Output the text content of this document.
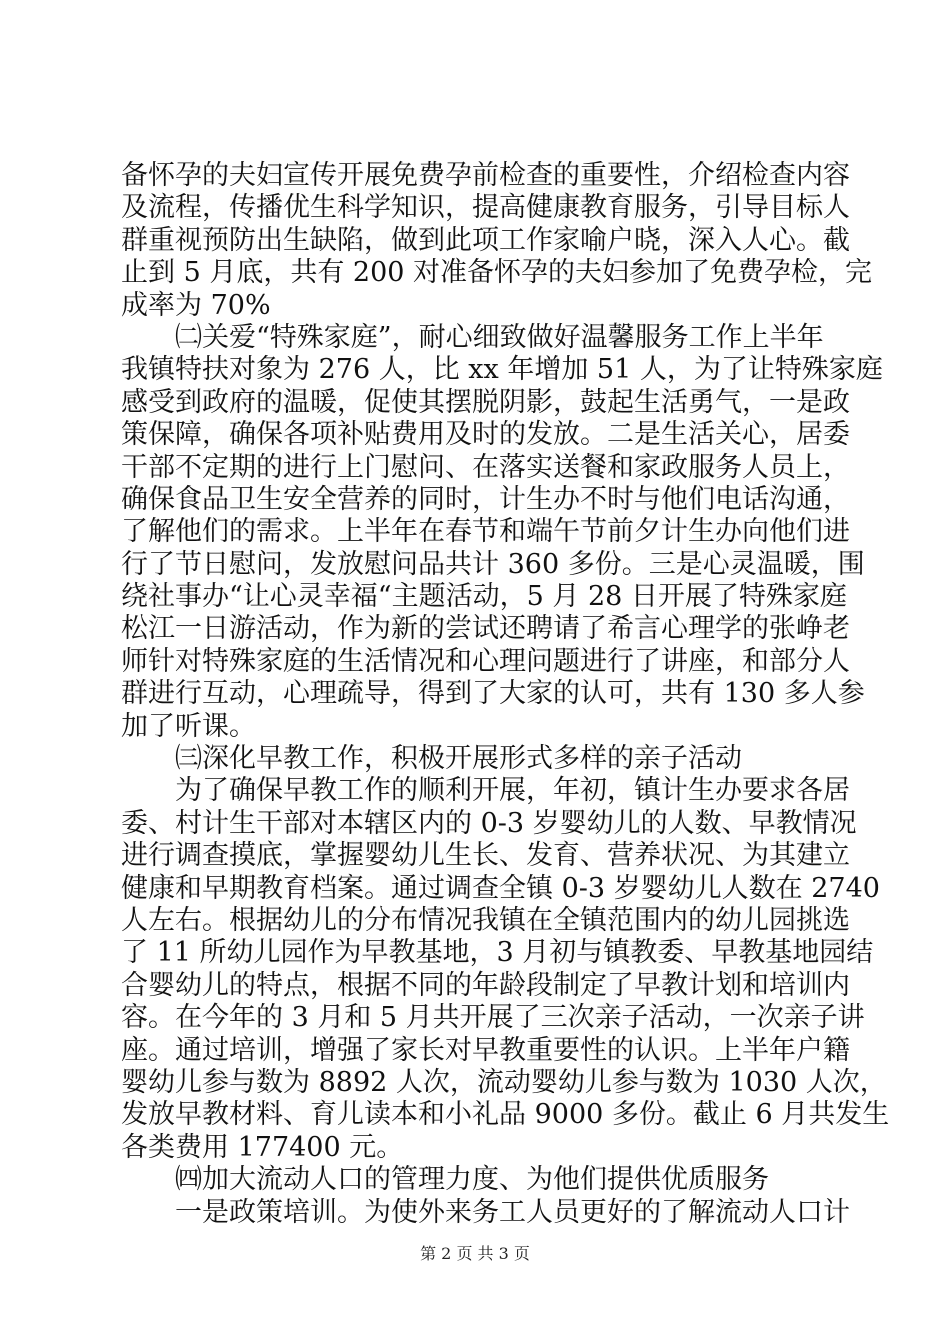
备怀孕的夫妇宣传开展免费孕前检查的重要性，介绍检查内容
及流程，传播优生科学知识，提高健康教育服务，引导目标人
群重视预防出生缺陷，做到此项工作家喻户晓，深入人心。截
止到 5 月底，共有 200 对准备怀孕的夫妇参加了免费孕检，完
成率为 70%
　　㈡关爱“特殊家庭”，耐心细致做好温馨服务工作上半年
我镇特扶对象为 276 人，比 xx 年增加 51 人，为了让特殊家庭
感受到政府的温暖，促使其摆脱阴影，鼓起生活勇气，一是政
策保障，确保各项补贴费用及时的发放。二是生活关心，居委
干部不定期的进行上门慰问、在落实送餐和家政服务人员上，
确保食品卫生安全营养的同时，计生办不时与他们电话沟通，
了解他们的需求。上半年在春节和端午节前夕计生办向他们进
行了节日慰问，发放慰问品共计 360 多份。三是心灵温暖，围
绕社事办“让心灵幸福“主题活动，5 月 28 日开展了特殊家庭
松江一日游活动，作为新的尝试还聘请了希言心理学的张峥老
师针对特殊家庭的生活情况和心理问题进行了讲座，和部分人
群进行互动，心理疏导，得到了大家的认可，共有 130 多人参
加了听课。
　　㈢深化早教工作，积极开展形式多样的亲子活动
　　为了确保早教工作的顺利开展，年初，镇计生办要求各居
委、村计生干部对本辖区内的 0-3 岁婴幼儿的人数、早教情况
进行调查摸底，掌握婴幼儿生长、发育、营养状况、为其建立
健康和早期教育档案。通过调查全镇 0-3 岁婴幼儿人数在 2740
人左右。根据幼儿的分布情况我镇在全镇范围内的幼儿园挑选
了 11 所幼儿园作为早教基地，3 月初与镇教委、早教基地园结
合婴幼儿的特点，根据不同的年龄段制定了早教计划和培训内
容。在今年的 3 月和 5 月共开展了三次亲子活动，一次亲子讲
座。通过培训，增强了家长对早教重要性的认识。上半年户籍
婴幼儿参与数为 8892 人次，流动婴幼儿参与数为 1030 人次，
发放早教材料、育儿读本和小礼品 9000 多份。截止 6 月共发生
各类费用 177400 元。
　　㈣加大流动人口的管理力度、为他们提供优质服务
　　一是政策培训。为使外来务工人员更好的了解流动人口计
第 2 页 共 3 页
